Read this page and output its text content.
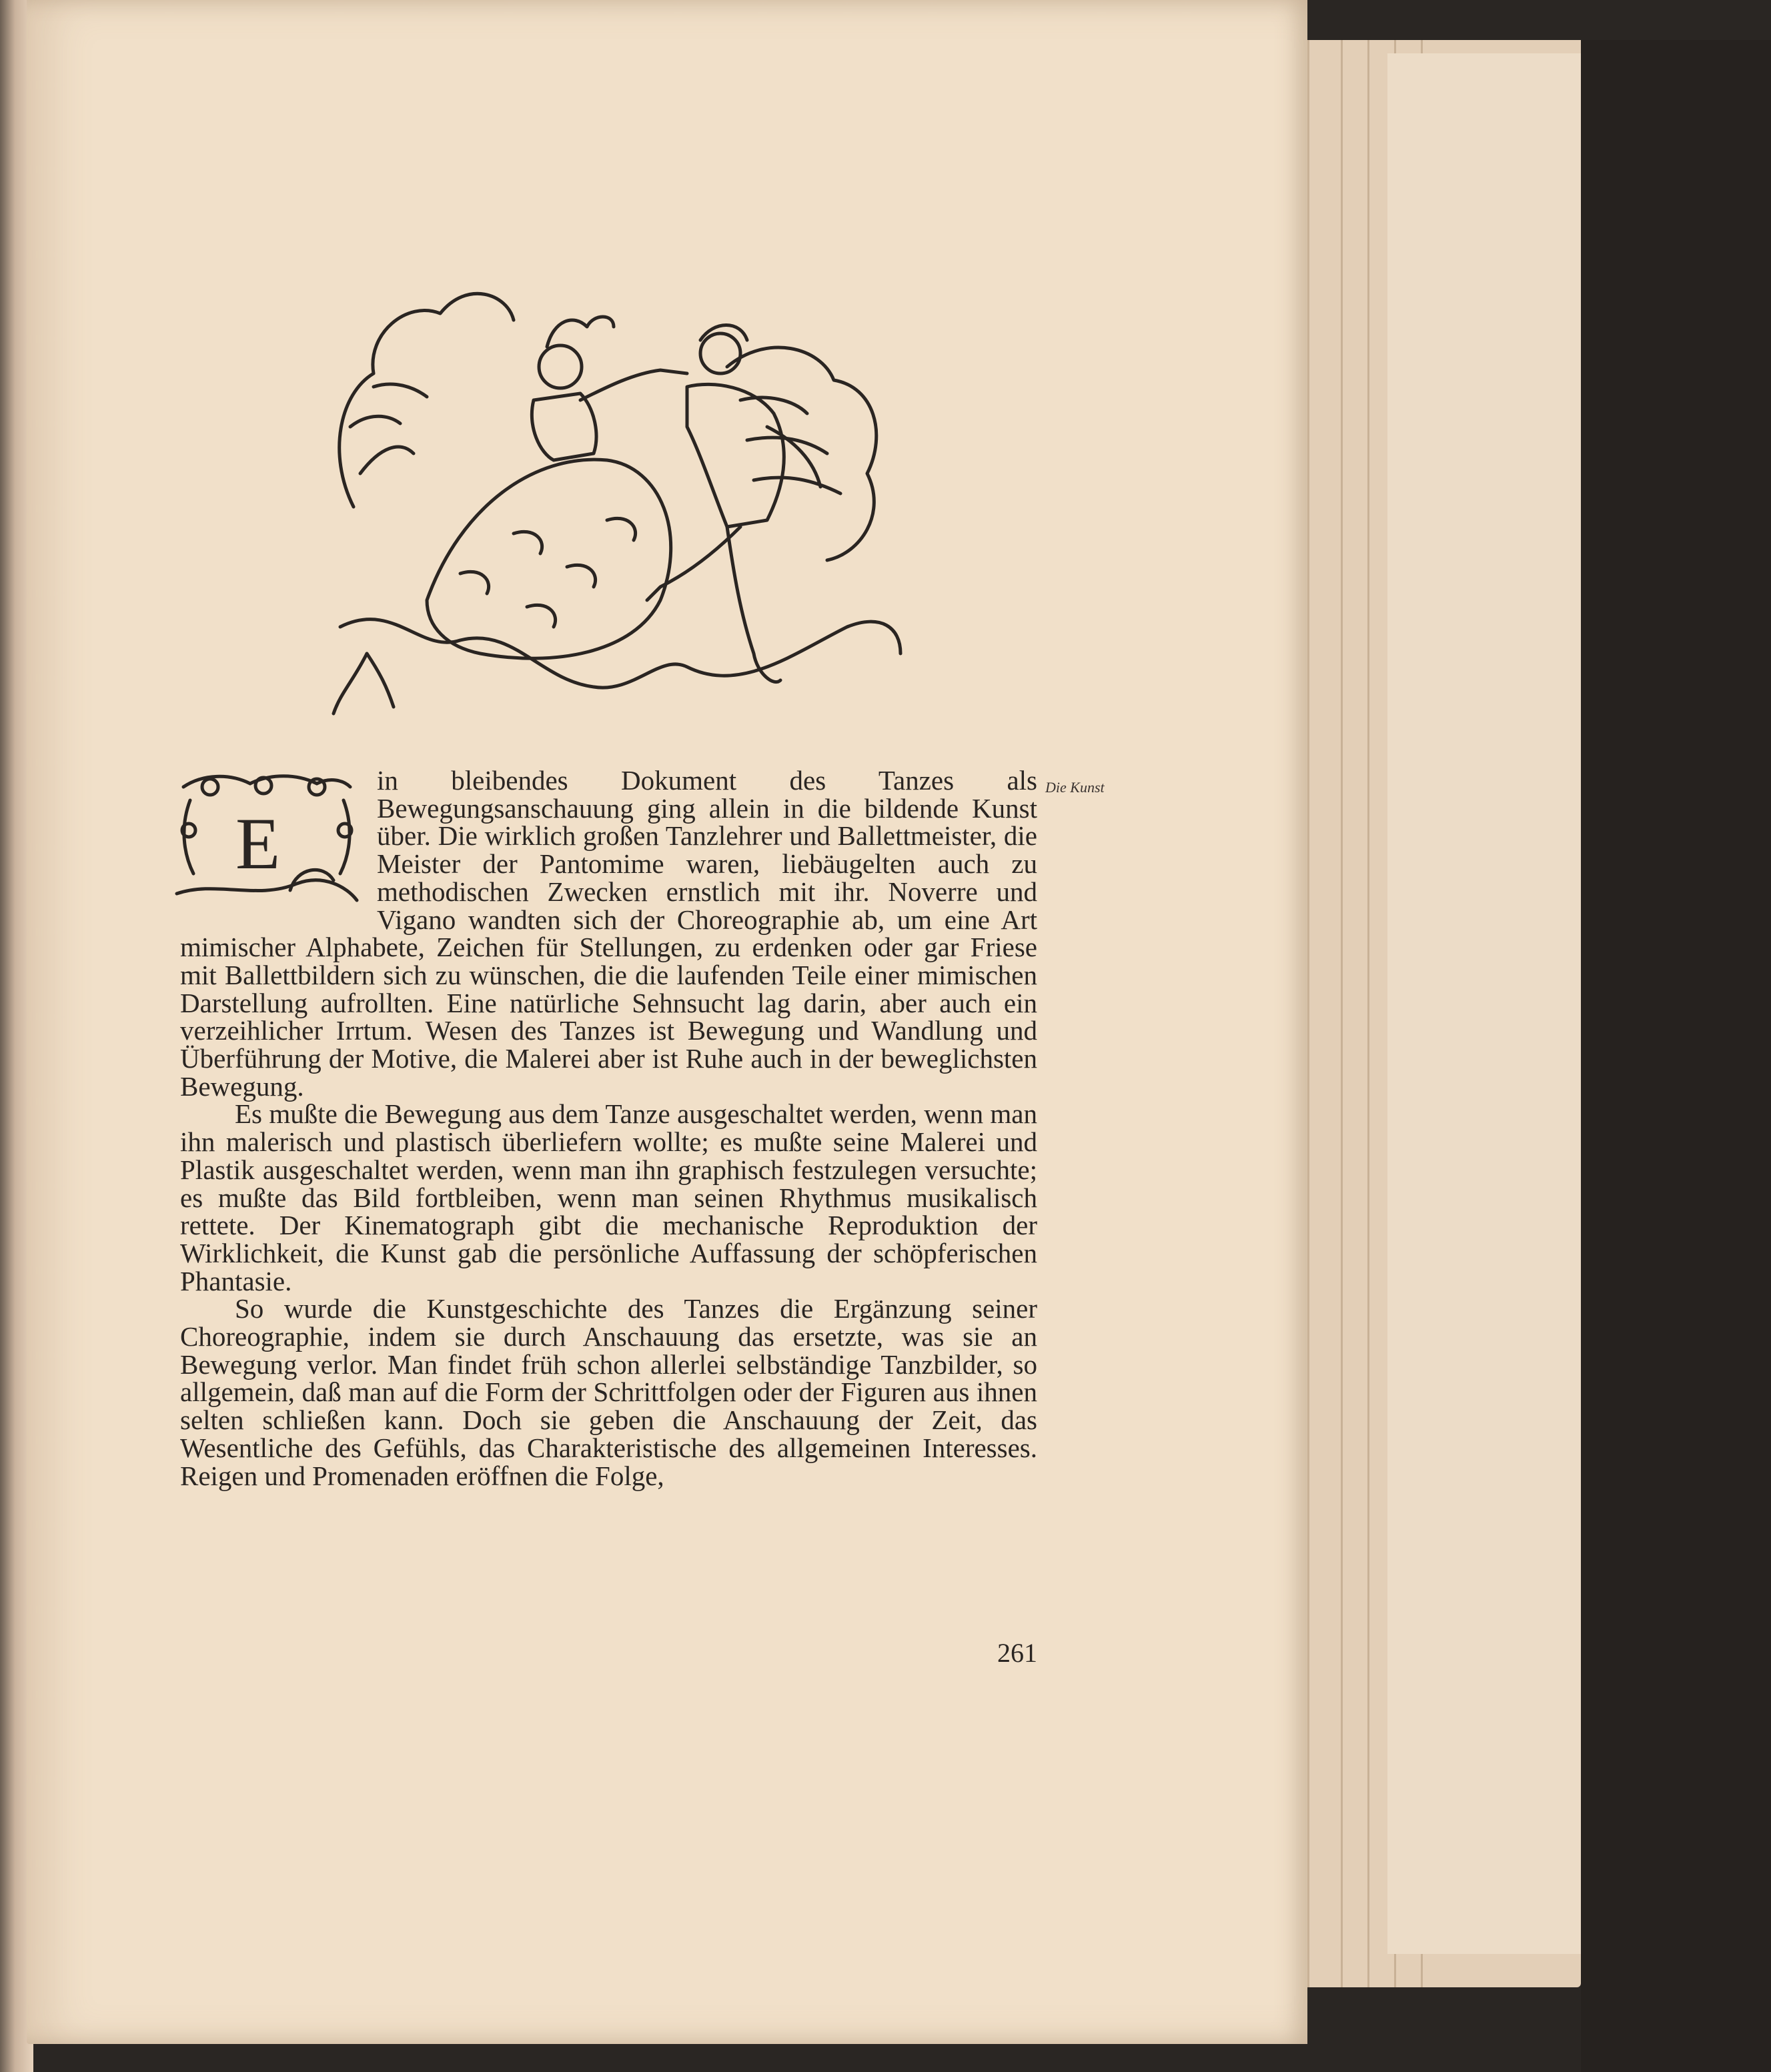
Die Kunst
E

in bleibendes Dokument des Tanzes als Bewegungsanschauung ging allein in die bildende Kunst über. Die wirklich großen Tanzlehrer und Ballettmeister, die Meister der Pantomime waren, liebäugelten auch zu methodischen Zwecken ernstlich mit ihr. Noverre und Vigano wandten sich der Choreographie ab, um eine Art mimischer Alphabete, Zeichen für Stellungen, zu erdenken oder gar Friese mit Ballettbildern sich zu wünschen, die die laufenden Teile einer mimischen Darstellung aufrollten. Eine natürliche Sehnsucht lag darin, aber auch ein verzeihlicher Irrtum. Wesen des Tanzes ist Bewegung und Wandlung und Überführung der Motive, die Malerei aber ist Ruhe auch in der beweglichsten Bewegung.

Es mußte die Bewegung aus dem Tanze ausgeschaltet werden, wenn man ihn malerisch und plastisch überliefern wollte; es mußte seine Malerei und Plastik ausgeschaltet werden, wenn man ihn graphisch festzulegen versuchte; es mußte das Bild fortbleiben, wenn man seinen Rhythmus musikalisch rettete. Der Kinematograph gibt die mechanische Reproduktion der Wirklichkeit, die Kunst gab die persönliche Auffassung der schöpferischen Phantasie.

So wurde die Kunstgeschichte des Tanzes die Ergänzung seiner Choreographie, indem sie durch Anschauung das ersetzte, was sie an Bewegung verlor. Man findet früh schon allerlei selbständige Tanzbilder, so allgemein, daß man auf die Form der Schrittfolgen oder der Figuren aus ihnen selten schließen kann. Doch sie geben die Anschauung der Zeit, das Wesentliche des Gefühls, das Charakteristische des allgemeinen Interesses. Reigen und Promenaden eröffnen die Folge,

261
